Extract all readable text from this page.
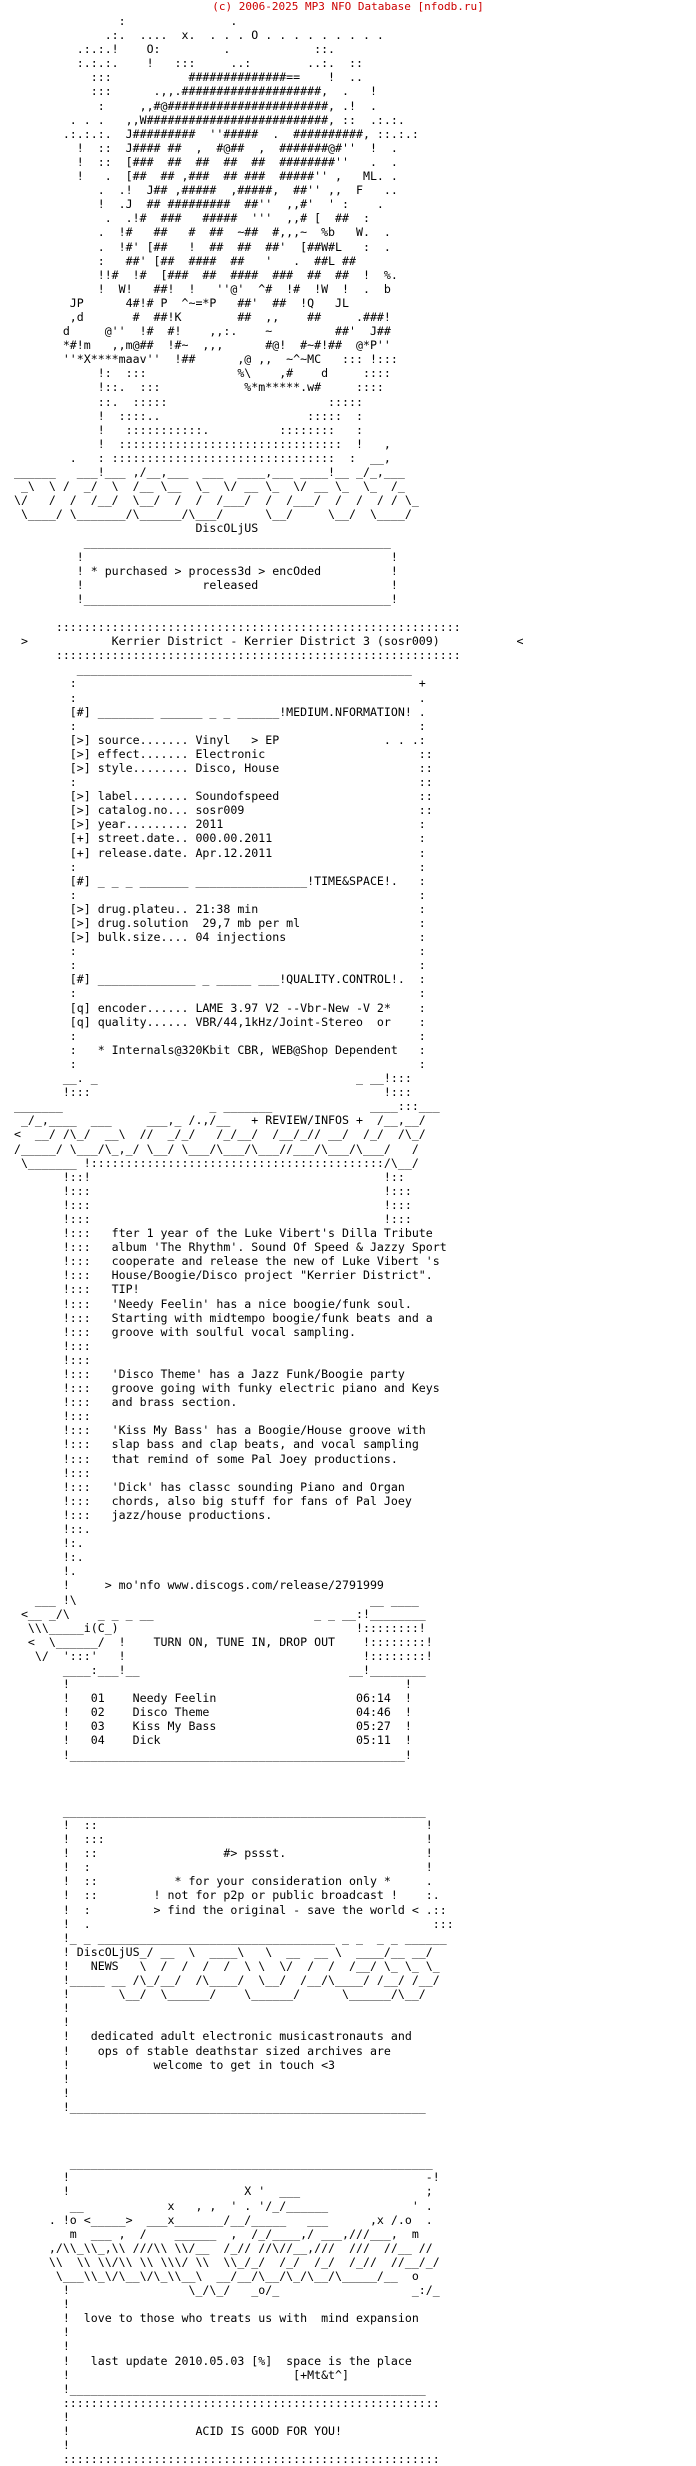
(c) 2006-2025 MP3 NFO Database [nfodb.ru]
:               .
.:.  ....  x.  . . . O . . . . . . . . .
.:.:.!    O:         .            ::.
:.:.:.    !   :::     ..:        ..:.  ::
:::           ##############==    !  ..
:::      .,,.####################,  .   !
:     ,,#@#######################, .!  .
. . .   ,,W##########################, ::  .:.:.
.:.:.:.  J#########  ''#####  .  ##########, ::.:.:
!  ::  J#### ##  ,  #@##  ,  #######@#''  !  .
!  ::  [###  ##  ##  ##  ##  ########''   .  .
!   .  [##  ## ,###  ## ###  #####'' ,   ML. .
.  .!  J## ,#####  ,#####,  ##'' ,,  F   ..
!  .J  ## #########  ##''  ,,#'  ' :    .
.  .!#  ###   #####  '''  ,,# [  ##  :
.  !#   ##   #  ##  ~##  #,,,~  %b   W.  .
.  !#' [##   !  ##  ##  ##'  [##W#L   :  .
:   ##' [##  ####  ##   '   .  ##L ##
!!#  !#  [###  ##  ####  ###  ##  ##  !  %.
!  W!   ##!  !   ''@'  ^#  !#  !W  !  .  b
JP      4#!# P  ^~=*P   ##'  ##  !Q   JL
,d       #  ##!K        ##  ,,    ##     .###!
d     @''  !#  #!    ,,:.    ~         ##'  J##
*#!m   ,,m@##  !#~  ,,,      #@!  #~#!##  @*P''
''*X****maav''  !##      ,@ ,,  ~^~MC   ::: !:::
!:  :::             %\    ,#    d     ::::
!::.  :::            %*m*****.w#     ::::
::.  :::::                       :::::
!  ::::..                     :::::  :
!   :::::::::::.          ::::::::   :
!  ::::::::::::::::::::::::::::::::  !   ,
.   : ::::::::::::::::::::::::::::::::  :  __,
______   ___!___ ,/__,___  ___  ____,___ ____!__ _/_,___
_\  \ /  _/  \  /__ \__  \_  \/ __ \_  \/ __ \_  \_  /_
\/   /  /  /__/  \__/  /  /  /___/  /  /___/  /  /  / / \_
\____/ \_______/\______/\___/      \__/     \__/  \____/
DiscOLjUS
____________________________________________
!                                            !
! * purchased > process3d > encOded          !
!                 released                   !
!____________________________________________!

::::::::::::::::::::::::::::::::::::::::::::::::::::::::::
>            Kerrier District - Kerrier District 3 (sosr009)           <
::::::::::::::::::::::::::::::::::::::::::::::::::::::::::
________________________________________________
:                                                 +
:                                                 .
[#] ________ ______ _ _ ______!MEDIUM.NFORMATION! .
:                                                 :
[>] source....... Vinyl   > EP               . . .:
[>] effect....... Electronic                      ::
[>] style........ Disco, House                    ::
:                                                 ::
[>] label........ Soundofspeed                    ::
[>] catalog.no... sosr009                         ::
[>] year......... 2011                            :
[+] street.date.. 000.00.2011                     :
[+] release.date. Apr.12.2011                     :
:                                                 :
[#] _ _ _ _______ ________________!TIME&SPACE!.   :
:                                                 :
[>] drug.plateu.. 21:38 min                       :
[>] drug.solution  29,7 mb per ml                 :
[>] bulk.size.... 04 injections                   :
:                                                 :
:                                                 :
[#] ______________ _ _____ ___!QUALITY.CONTROL!.  :
:                                                 :
[q] encoder...... LAME 3.97 V2 --Vbr-New -V 2*    :
[q] quality...... VBR/44,1kHz/Joint-Stereo  or    :
:                                                 :
:   * Internals@320Kbit CBR, WEB@Shop Dependent   :
:                                                 :
__. _                                     _ __!:::
!:::                                          !:::
_______                     _ _______              ____:::___
_/_,____  ___     ___,_ /.,/__   + REVIEW/INFOS +  /__,__/
<  __/ /\_/  __\  //  _/_/   /_/__/  /__/_// __/  /_/  /\_/
/_____/ \___/\_,_/ \__/ \___/\___/\___//___/\___/\___/   /
\_______ !::::::::::::::::::::::::::::::::::::::::::/\__/
!::!                                          !::
!:::                                          !:::
!:::                                          !:::
!:::                                          !:::
!:::   fter 1 year of the Luke Vibert's Dilla Tribute
!:::   album 'The Rhythm'. Sound Of Speed & Jazzy Sport
!:::   cooperate and release the new of Luke Vibert 's
!:::   House/Boogie/Disco project "Kerrier District".
!:::   TIP!
!:::   'Needy Feelin' has a nice boogie/funk soul.
!:::   Starting with midtempo boogie/funk beats and a
!:::   groove with soulful vocal sampling.
!:::
!:::
!:::   'Disco Theme' has a Jazz Funk/Boogie party
!:::   groove going with funky electric piano and Keys
!:::   and brass section.
!:::
!:::   'Kiss My Bass' has a Boogie/House groove with
!:::   slap bass and clap beats, and vocal sampling
!:::   that remind of some Pal Joey productions.
!:::
!:::   'Dick' has classc sounding Piano and Organ
!:::   chords, also big stuff for fans of Pal Joey
!:::   jazz/house productions.
!::.
!:.
!:.
!.
!     > mo'nfo www.discogs.com/release/2791999
___ !\                                          __ ____
<__ _/\    _ _ _ __                       _ _ __:!________
\\\_____i(C_)                                  !::::::::!
<  \______/  !    TURN ON, TUNE IN, DROP OUT    !::::::::!
\/  ':::'   !                                  !::::::::!
____:___!__                              __!________
!                                                !
!   01    Needy Feelin                    06:14  !
!   02    Disco Theme                     04:46  !
!   03    Kiss My Bass                    05:27  !
!   04    Dick                            05:11  !
!________________________________________________!

____________________________________________________
!  ::                                               !
!  :::                                              !
!  ::                  #> pssst.                    !
!  :                                                !
!  ::           * for your consideration only *     .
!  ::        ! not for p2p or public broadcast !    :.
!  :         > find the original - save the world < .::
!  .                                                 :::
!_ _ __________________________________ _ _  _ _ ______
! DiscOLjUS_/ __  \  ____\   \  __  __ \  ____/__ __/
!   NEWS   \  /  /  /  /  \ \  \/  /  /  /__/ \_ \_ \_
!_____ __ /\_/__/  /\____/  \__/  /__/\____/ /__/ /__/
!       \__/  \______/    \______/      \______/\__/
!
!
!   dedicated adult electronic musicastronauts and
!    ops of stable deathstar sized archives are
!            welcome to get in touch <3
!
!
!___________________________________________________

____________________________________________________
!                                                   -!
!                         X '  ___                  ;
__            x   , ,  ' . '/_/______            ' .
. !o <_____>  ___x_______/__/_____   ___      ,x /.o  .
m  ___ ,  /    ______  ,  /_/____,/ ___,///___,  m
,/\\_\\_,\\ ///\\ \\/__  /_// //\//__,///  ///  //__ //
\\  \\ \\/\\ \\ \\\/ \\  \\_/_/  /_/  /_/  /_//  //__/_/
\___\\_\/\__\/\_\\__\  __/__/\__/\_/\__/\_____/__  o
!                 \_/\_/   _o/_                   _:/_
!
!  love to those who treats us with  mind expansion
!
!
!   last update 2010.05.03 [%]  space is the place
!                                [+Mt&t^]
!___________________________________________________
::::::::::::::::::::::::::::::::::::::::::::::::::::::
!
!                  ACID IS GOOD FOR YOU!
!
::::::::::::::::::::::::::::::::::::::::::::::::::::::
